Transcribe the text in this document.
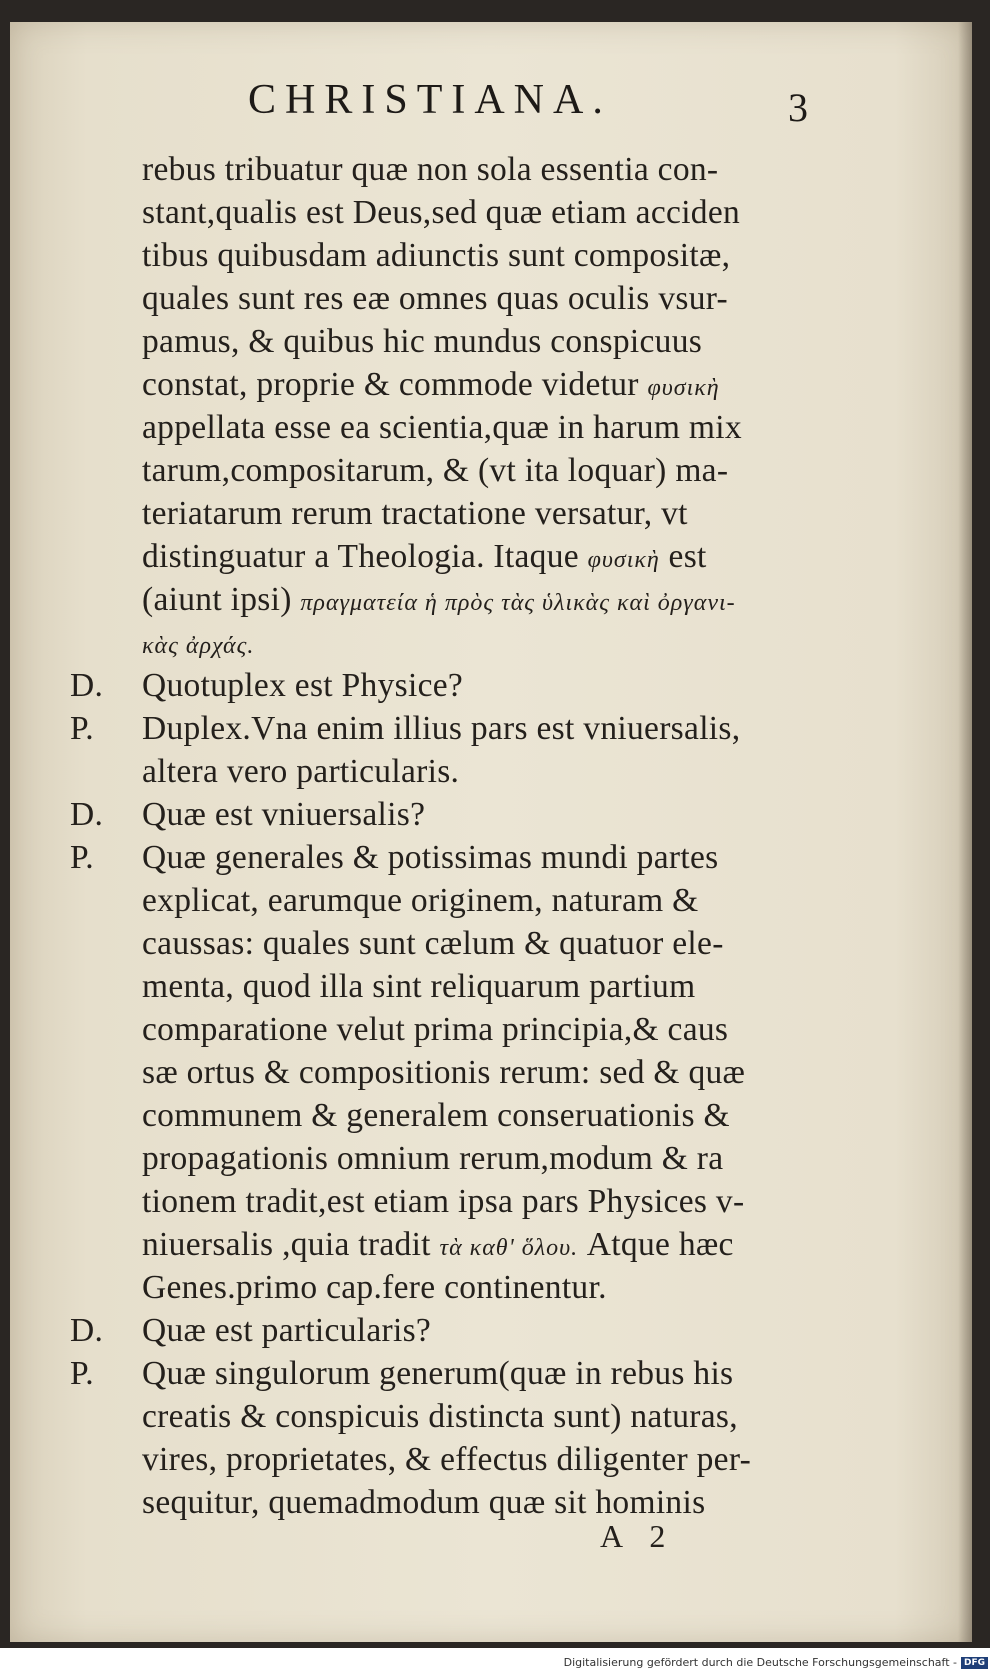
CHRISTIANA.	3
rebus tribuatur quæ non sola essentia con-
stant,qualis est Deus,sed quæ etiam acciden
tibus quibusdam adiunctis sunt compositæ,
quales sunt res eæ omnes quas oculis vsur-
pamus, & quibus hic mundus conspicuus
constat, proprie & commode videtur φυσικὴ
appellata esse ea scientia,quæ in harum mix
tarum,compositarum, & (vt ita loquar) ma-
teriatarum rerum tractatione versatur, vt
distinguatur a Theologia. Itaque φυσικὴ est
(aiunt ipsi) πραγματεία ἡ πρὸς τὰς ὑλικὰς καὶ ὀργανι-
κὰς ἀρχάς.
D. Quotuplex est Physice?
P. Duplex.Vna enim illius pars est vniuersalis,
altera vero particularis.
D. Quæ est vniuersalis?
P. Quæ generales & potissimas mundi partes
explicat, earumque originem, naturam &
caussas: quales sunt cælum & quatuor ele-
menta, quod illa sint reliquarum partium
comparatione velut prima principia,& caus
sæ ortus & compositionis rerum: sed & quæ
communem & generalem conseruationis &
propagationis omnium rerum,modum & ra
tionem tradit,est etiam ipsa pars Physices v-
niuersalis ,quia tradit τὰ καθ' ὅλου. Atque hæc
Genes.primo cap.fere continentur.
D. Quæ est particularis?
P. Quæ singulorum generum(quæ in rebus his
creatis & conspicuis distincta sunt) naturas,
vires, proprietates, & effectus diligenter per-
sequitur, quemadmodum quæ sit hominis
A 2
Digitalisierung gefördert durch die Deutsche Forschungsgemeinschaft - DFG
